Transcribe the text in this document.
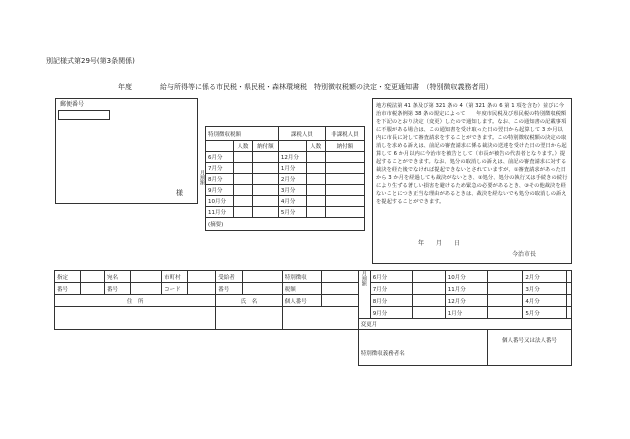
別記様式第29号(第3条関係)
年度	給与所得等に係る市民税・県民税・森林環境税　特別徴収税額の決定・変更通知書　（特別徴収義務者用）
郵便番号
様
月割額
特別徴収税額			課税人員		非課税人員
	人数	納付額		人数	納付額
6月分			12月分		
7月分			1月分		
8月分			2月分		
9月分			3月分		
10月分			4月分		
11月分			5月分		
(摘要)					
地方税法第 41 条及び第 321 条の 4（第 321 条の 6 第 1 項を含む）並びに今治市市税条例第 38 条の規定によって　　年度市民税及び県民税の特別徴収税額を下記のとおり決定（変更）したので通知します。なお、この通知書の記載事項に不服がある場合は、この通知書を受け取った日の翌日から起算して 3 か月以内に市長に対して審査請求をすることができます。この特別徴収税額の決定の取消しを求める訴えは、前記の審査請求に係る裁決の送達を受けた日の翌日から起算して 6 か月以内に今治市を被告として（市長が被告の代表者となります。）提起することができます。なお、処分の取消しの訴えは、前記の審査請求に対する裁決を経た後でなければ提起できないとされていますが、①審査請求があった日から 3 か月を経過しても裁決がないとき、②処分、処分の執行又は手続きの続行により生ずる著しい損害を避けるため緊急の必要があるとき、③その他裁決を経ないことにつき正当な理由があるときは、裁決を経ないでも処分の取消しの訴えを提起することができます。
年　　月　　日
今治市長
指定		宛名		市町村		受給者		特別徴収		月割額	6月分		10月分		2月分	
番号		番号		コード		番号		税額			7月分		11月分		3月分	
住　所						氏　名		個人番号			8月分		12月分		4月分	
											9月分		1月分		5月分	
										変更月						
										特別徴収義務者名				個人番号又は法人番号		
